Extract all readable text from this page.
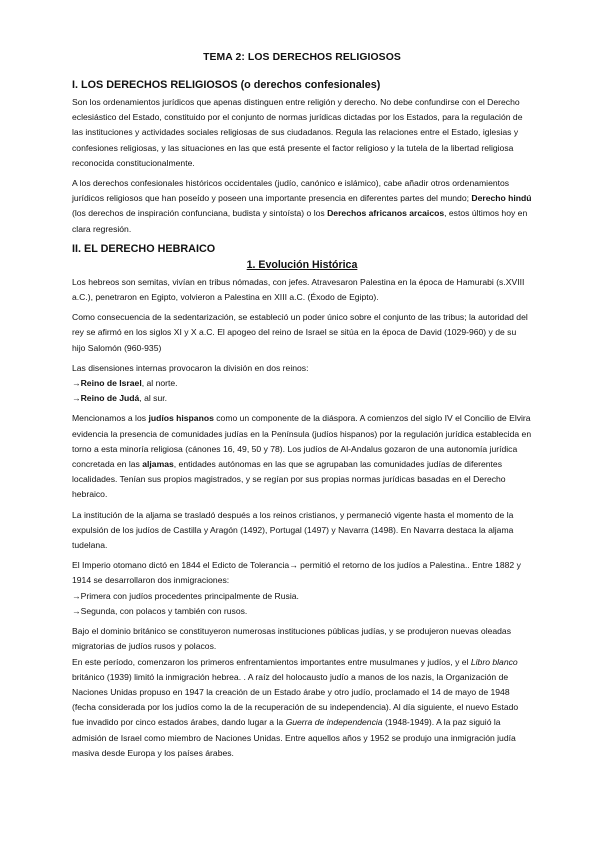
TEMA 2: LOS DERECHOS RELIGIOSOS
I. LOS DERECHOS RELIGIOSOS (o derechos confesionales)

Son los ordenamientos jurídicos que apenas distinguen entre religión y derecho. No debe confundirse con el Derecho eclesiástico del Estado, constituido por el conjunto de normas jurídicas dictadas por los Estados, para la regulación de las instituciones y actividades sociales religiosas de sus ciudadanos. Regula las relaciones entre el Estado, iglesias y confesiones religiosas, y las situaciones en las que está presente el factor religioso y la tutela de la libertad religiosa reconocida constitucionalmente.

A los derechos confesionales históricos occidentales (judío, canónico e islámico), cabe añadir otros ordenamientos jurídicos religiosos que han poseído y poseen una importante presencia en diferentes partes del mundo; Derecho hindú (los derechos de inspiración confunciana, budista y sintoísta) o los Derechos africanos arcaicos, estos últimos hoy en clara regresión.

II. EL DERECHO HEBRAICO
1. Evolución Histórica

Los hebreos son semitas, vivían en tribus nómadas, con jefes. Atravesaron Palestina en la época de Hamurabi (s.XVIII a.C.), penetraron en Egipto, volvieron a Palestina en XIII a.C. (Éxodo de Egipto).

Como consecuencia de la sedentarización, se estableció un poder único sobre el conjunto de las tribus; la autoridad del rey se afirmó en los siglos XI y X a.C. El apogeo del reino de Israel se sitúa en la época de David (1029-960) y de su hijo Salomón (960-935)

Las disensiones internas provocaron la división en dos reinos:
→Reino de Israel, al norte.
→Reino de Judá, al sur.

Mencionamos a los judíos hispanos como un componente de la diáspora. A comienzos del siglo IV el Concilio de Elvira evidencia la presencia de comunidades judías en la Península (judíos hispanos) por la regulación jurídica establecida en torno a esta minoría religiosa (cánones 16, 49, 50 y 78). Los judíos de Al-Andalus gozaron de una autonomía jurídica concretada en las aljamas, entidades autónomas en las que se agrupaban las comunidades judías de diferentes localidades. Tenían sus propios magistrados, y se regían por sus propias normas jurídicas basadas en el Derecho hebraico.

La institución de la aljama se trasladó después a los reinos cristianos, y permaneció vigente hasta el momento de la expulsión de los judíos de Castilla y Aragón (1492), Portugal (1497) y Navarra (1498). En Navarra destaca la aljama tudelana.

El Imperio otomano dictó en 1844 el Edicto de Tolerancia→ permitió el retorno de los judíos a Palestina.. Entre 1882 y 1914 se desarrollaron dos inmigraciones:
→Primera con judíos procedentes principalmente de Rusia.
→Segunda, con polacos y también con rusos.

Bajo el dominio británico se constituyeron numerosas instituciones públicas judías, y se produjeron nuevas oleadas migratorias de judíos rusos y polacos.

En este período, comenzaron los primeros enfrentamientos importantes entre musulmanes y judíos, y el Libro blanco británico (1939) limitó la inmigración hebrea. . A raíz del holocausto judío a manos de los nazis, la Organización de Naciones Unidas propuso en 1947 la creación de un Estado árabe y otro judío, proclamado el 14 de mayo de 1948 (fecha considerada por los judíos como la de la recuperación de su independencia). Al día siguiente, el nuevo Estado fue invadido por cinco estados árabes, dando lugar a la Guerra de independencia (1948-1949). A la paz siguió la admisión de Israel como miembro de Naciones Unidas. Entre aquellos años y 1952 se produjo una inmigración judía masiva desde Europa y los países árabes.
